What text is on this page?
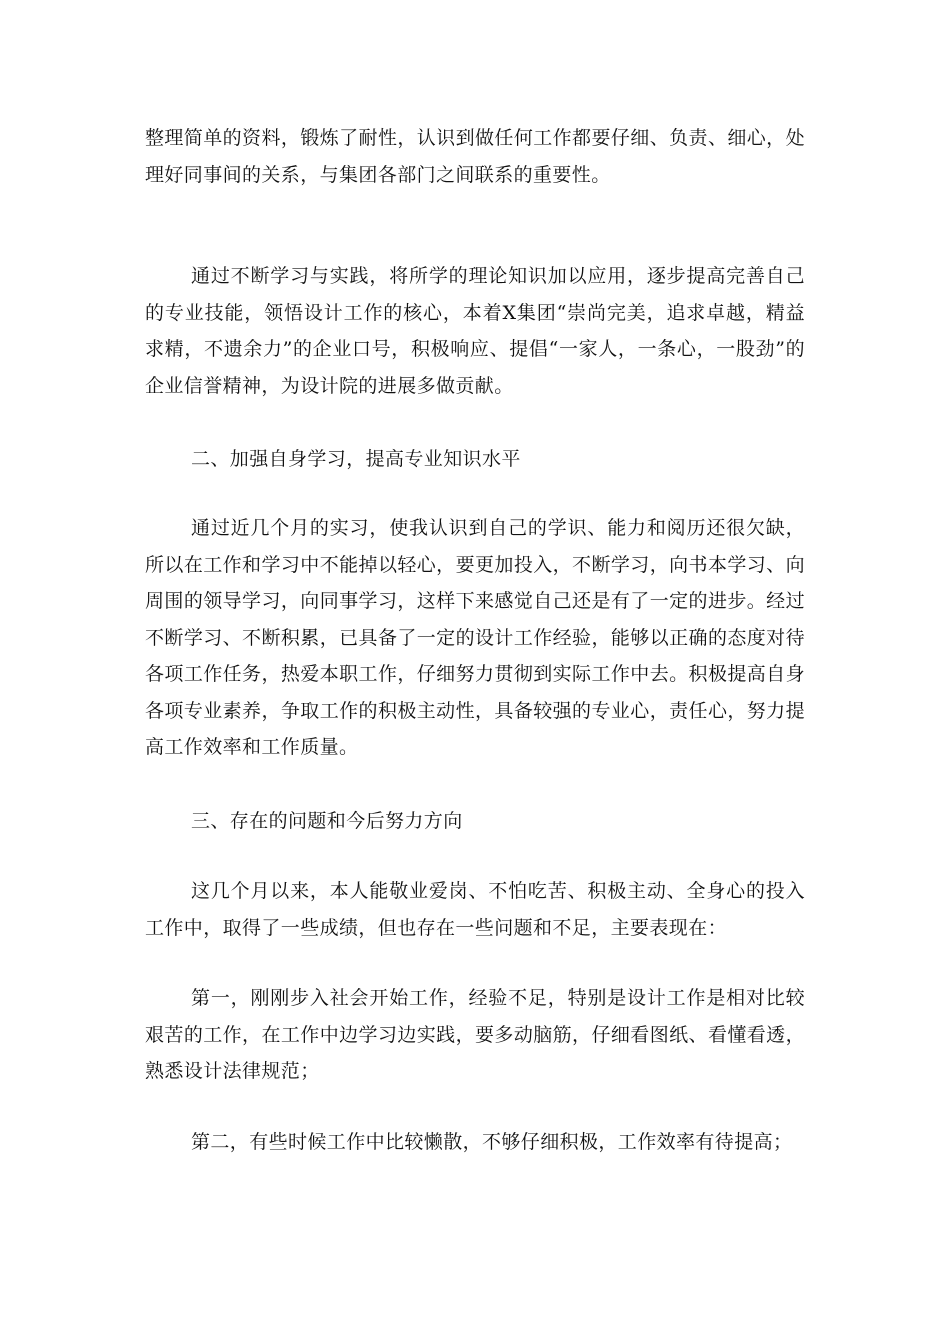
整理简单的资料，锻炼了耐性，认识到做任何工作都要仔细、负责、细心，处理好同事间的关系，与集团各部门之间联系的重要性。

通过不断学习与实践，将所学的理论知识加以应用，逐步提高完善自己的专业技能，领悟设计工作的核心，本着X集团“崇尚完美，追求卓越，精益求精，不遗余力”的企业口号，积极响应、提倡“一家人，一条心，一股劲”的企业信誉精神，为设计院的进展多做贡献。

二、加强自身学习，提高专业知识水平

通过近几个月的实习，使我认识到自己的学识、能力和阅历还很欠缺，所以在工作和学习中不能掉以轻心，要更加投入，不断学习，向书本学习、向周围的领导学习，向同事学习，这样下来感觉自己还是有了一定的进步。经过不断学习、不断积累，已具备了一定的设计工作经验，能够以正确的态度对待各项工作任务，热爱本职工作，仔细努力贯彻到实际工作中去。积极提高自身各项专业素养，争取工作的积极主动性，具备较强的专业心，责任心，努力提高工作效率和工作质量。

三、存在的问题和今后努力方向

这几个月以来，本人能敬业爱岗、不怕吃苦、积极主动、全身心的投入工作中，取得了一些成绩，但也存在一些问题和不足，主要表现在：

第一，刚刚步入社会开始工作，经验不足，特别是设计工作是相对比较艰苦的工作，在工作中边学习边实践，要多动脑筋，仔细看图纸、看懂看透，熟悉设计法律规范；

第二，有些时候工作中比较懒散，不够仔细积极，工作效率有待提高；
